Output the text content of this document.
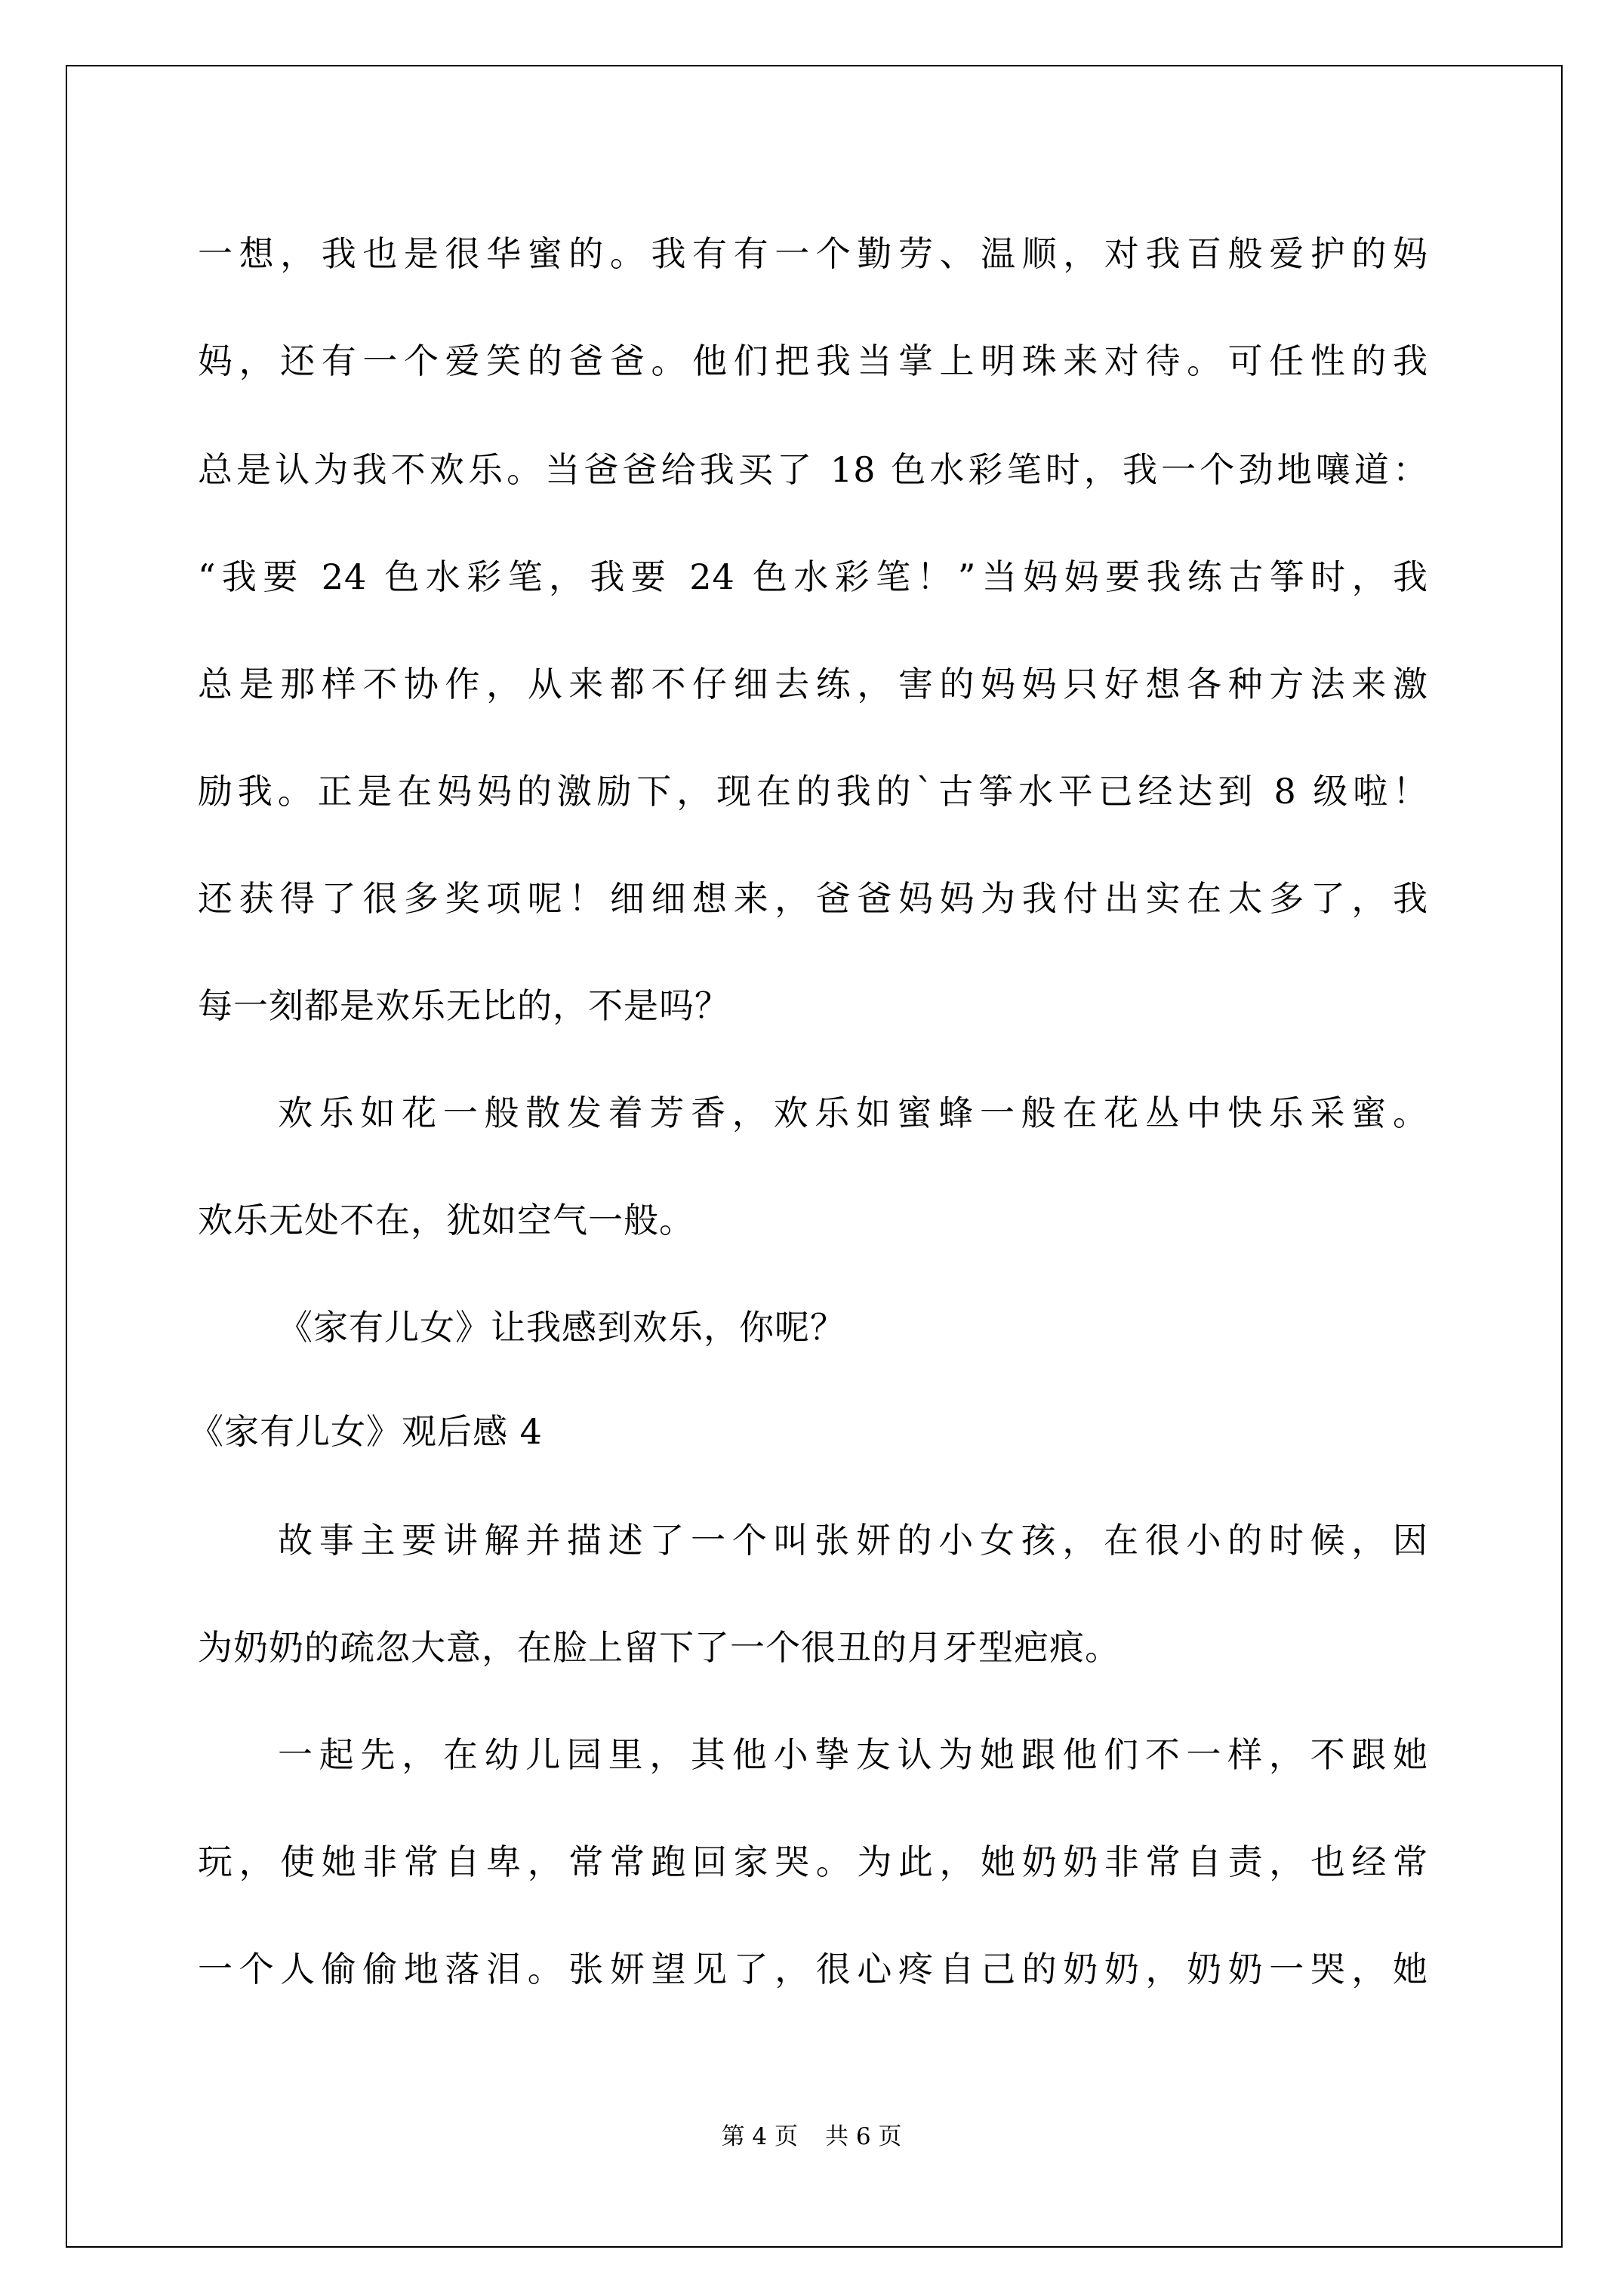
一想，我也是很华蜜的。我有有一个勤劳、温顺，对我百般爱护的妈
妈，还有一个爱笑的爸爸。他们把我当掌上明珠来对待。可任性的我
总是认为我不欢乐。当爸爸给我买了 18 色水彩笔时，我一个劲地嚷道：
“我要 24 色水彩笔，我要 24 色水彩笔！”当妈妈要我练古筝时，我
总是那样不协作，从来都不仔细去练，害的妈妈只好想各种方法来激
励我。正是在妈妈的激励下，现在的我的`古筝水平已经达到 8 级啦！
还获得了很多奖项呢！细细想来，爸爸妈妈为我付出实在太多了，我
每一刻都是欢乐无比的，不是吗？
欢乐如花一般散发着芳香，欢乐如蜜蜂一般在花丛中快乐采蜜。
欢乐无处不在，犹如空气一般。
《家有儿女》让我感到欢乐，你呢？
《家有儿女》观后感 4
故事主要讲解并描述了一个叫张妍的小女孩，在很小的时候，因
为奶奶的疏忽大意，在脸上留下了一个很丑的月牙型疤痕。
一起先，在幼儿园里，其他小挚友认为她跟他们不一样，不跟她
玩，使她非常自卑，常常跑回家哭。为此，她奶奶非常自责，也经常
一个人偷偷地落泪。张妍望见了，很心疼自己的奶奶，奶奶一哭，她
第 4 页 共 6 页
